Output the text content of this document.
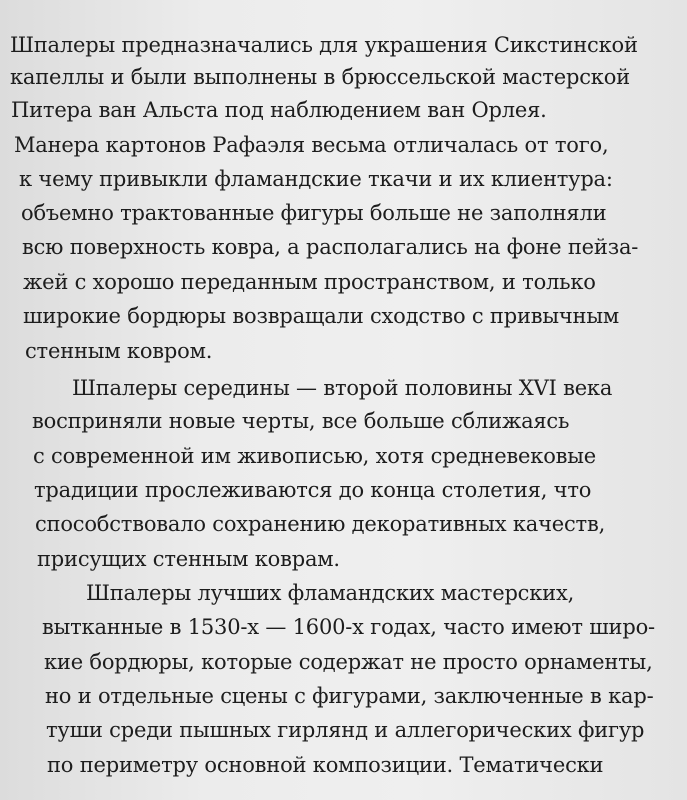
Шпалеры предназначались для украшения Сикстинской
капеллы и были выполнены в брюссельской мастерской
Питера ван Альста под наблюдением ван Орлея.
Манера картонов Рафаэля весьма отличалась от того,
к чему привыкли фламандские ткачи и их клиентура:
объемно трактованные фигуры больше не заполняли
всю поверхность ковра, а располагались на фоне пейза-
жей с хорошо переданным пространством, и только
широкие бордюры возвращали сходство с привычным
стенным ковром.
Шпалеры середины — второй половины XVI века
восприняли новые черты, все больше сближаясь
с современной им живописью, хотя средневековые
традиции прослеживаются до конца столетия, что
способствовало сохранению декоративных качеств,
присущих стенным коврам.
Шпалеры лучших фламандских мастерских,
вытканные в 1530-х — 1600-х годах, часто имеют широ-
кие бордюры, которые содержат не просто орнаменты,
но и отдельные сцены с фигурами, заключенные в кар-
туши среди пышных гирлянд и аллегорических фигур
по периметру основной композиции. Тематически
